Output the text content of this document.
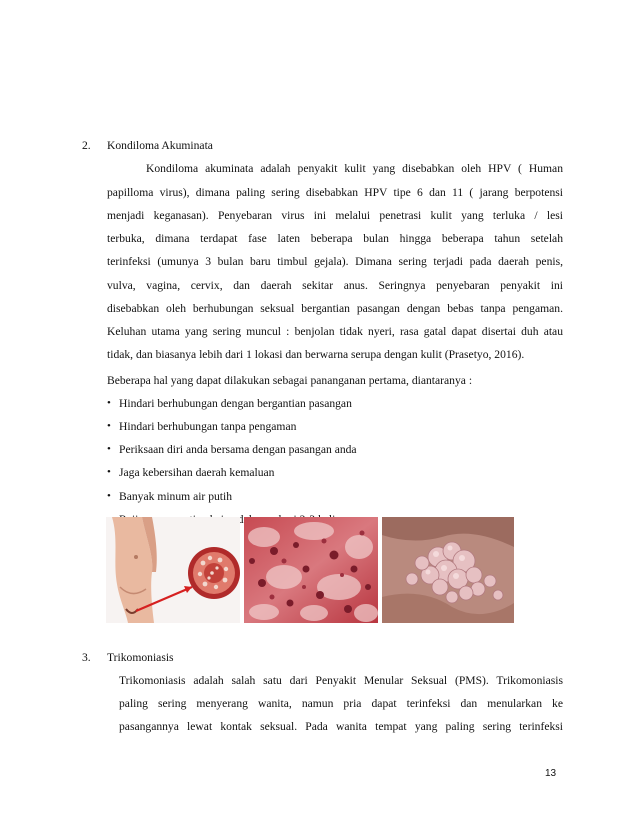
2. Kondiloma Akuminata
Kondiloma akuminata adalah penyakit kulit yang disebabkan oleh HPV ( Human
papilloma virus), dimana paling sering disebabkan HPV tipe 6 dan 11 ( jarang berpotensi
menjadi keganasan). Penyebaran virus ini melalui penetrasi kulit yang terluka / lesi
terbuka, dimana terdapat fase laten beberapa bulan hingga beberapa tahun setelah
terinfeksi (umunya 3 bulan baru timbul gejala). Dimana sering terjadi pada daerah penis,
vulva, vagina, cervix, dan daerah sekitar anus. Seringnya penyebaran penyakit ini
disebabkan oleh berhubungan seksual bergantian pasangan dengan bebas tanpa pengaman.
Keluhan utama yang sering muncul : benjolan tidak nyeri, rasa gatal dapat disertai duh atau
tidak, dan biasanya lebih dari 1 lokasi dan berwarna serupa dengan kulit (Prasetyo, 2016).
Beberapa hal yang dapat dilakukan sebagai pananganan pertama, diantaranya :
• Hindari berhubungan dengan bergantian pasangan
• Hindari berhubungan tanpa pengaman
• Periksaan diri anda bersama dengan pasangan anda
• Jaga kebersihan daerah kemaluan
• Banyak minum air putih
3. Trikomoniasis
Trikomoniasis adalah salah satu dari Penyakit Menular Seksual (PMS). Trikomoniasis
paling sering menyerang wanita, namun pria dapat terinfeksi dan menularkan ke
pasangannya lewat kontak seksual. Pada wanita tempat yang paling sering terinfeksi
13
